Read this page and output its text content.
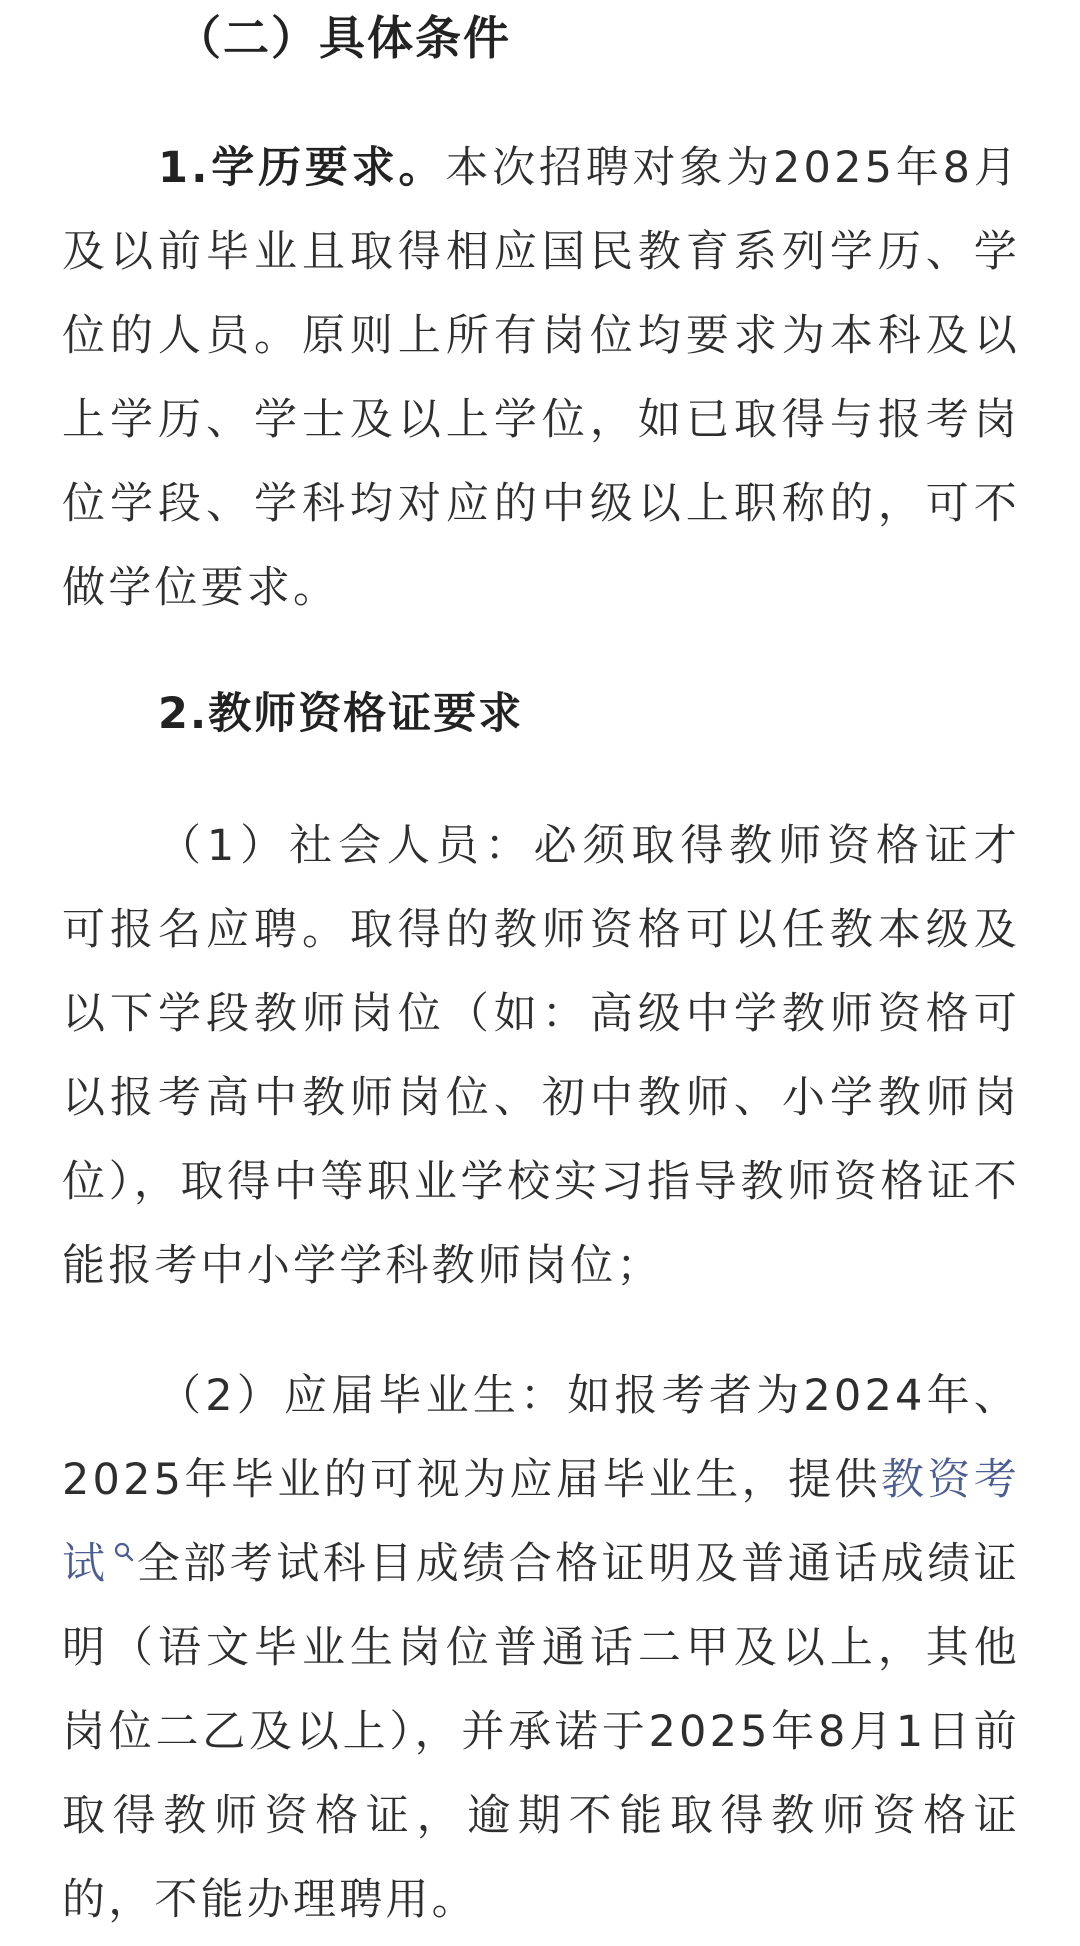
（二）具体条件

1.学历要求。本次招聘对象为2025年8月及以前毕业且取得相应国民教育系列学历、学位的人员。原则上所有岗位均要求为本科及以上学历、学士及以上学位，如已取得与报考岗位学段、学科均对应的中级以上职称的，可不做学位要求。

2.教师资格证要求

（1）社会人员：必须取得教师资格证才可报名应聘。取得的教师资格可以任教本级及以下学段教师岗位（如：高级中学教师资格可以报考高中教师岗位、初中教师、小学教师岗位），取得中等职业学校实习指导教师资格证不能报考中小学学科教师岗位；

（2）应届毕业生：如报考者为2024年、2025年毕业的可视为应届毕业生，提供教资考试 全部考试科目成绩合格证明及普通话成绩证明（语文毕业生岗位普通话二甲及以上，其他岗位二乙及以上），并承诺于2025年8月1日前取得教师资格证，逾期不能取得教师资格证的，不能办理聘用。
